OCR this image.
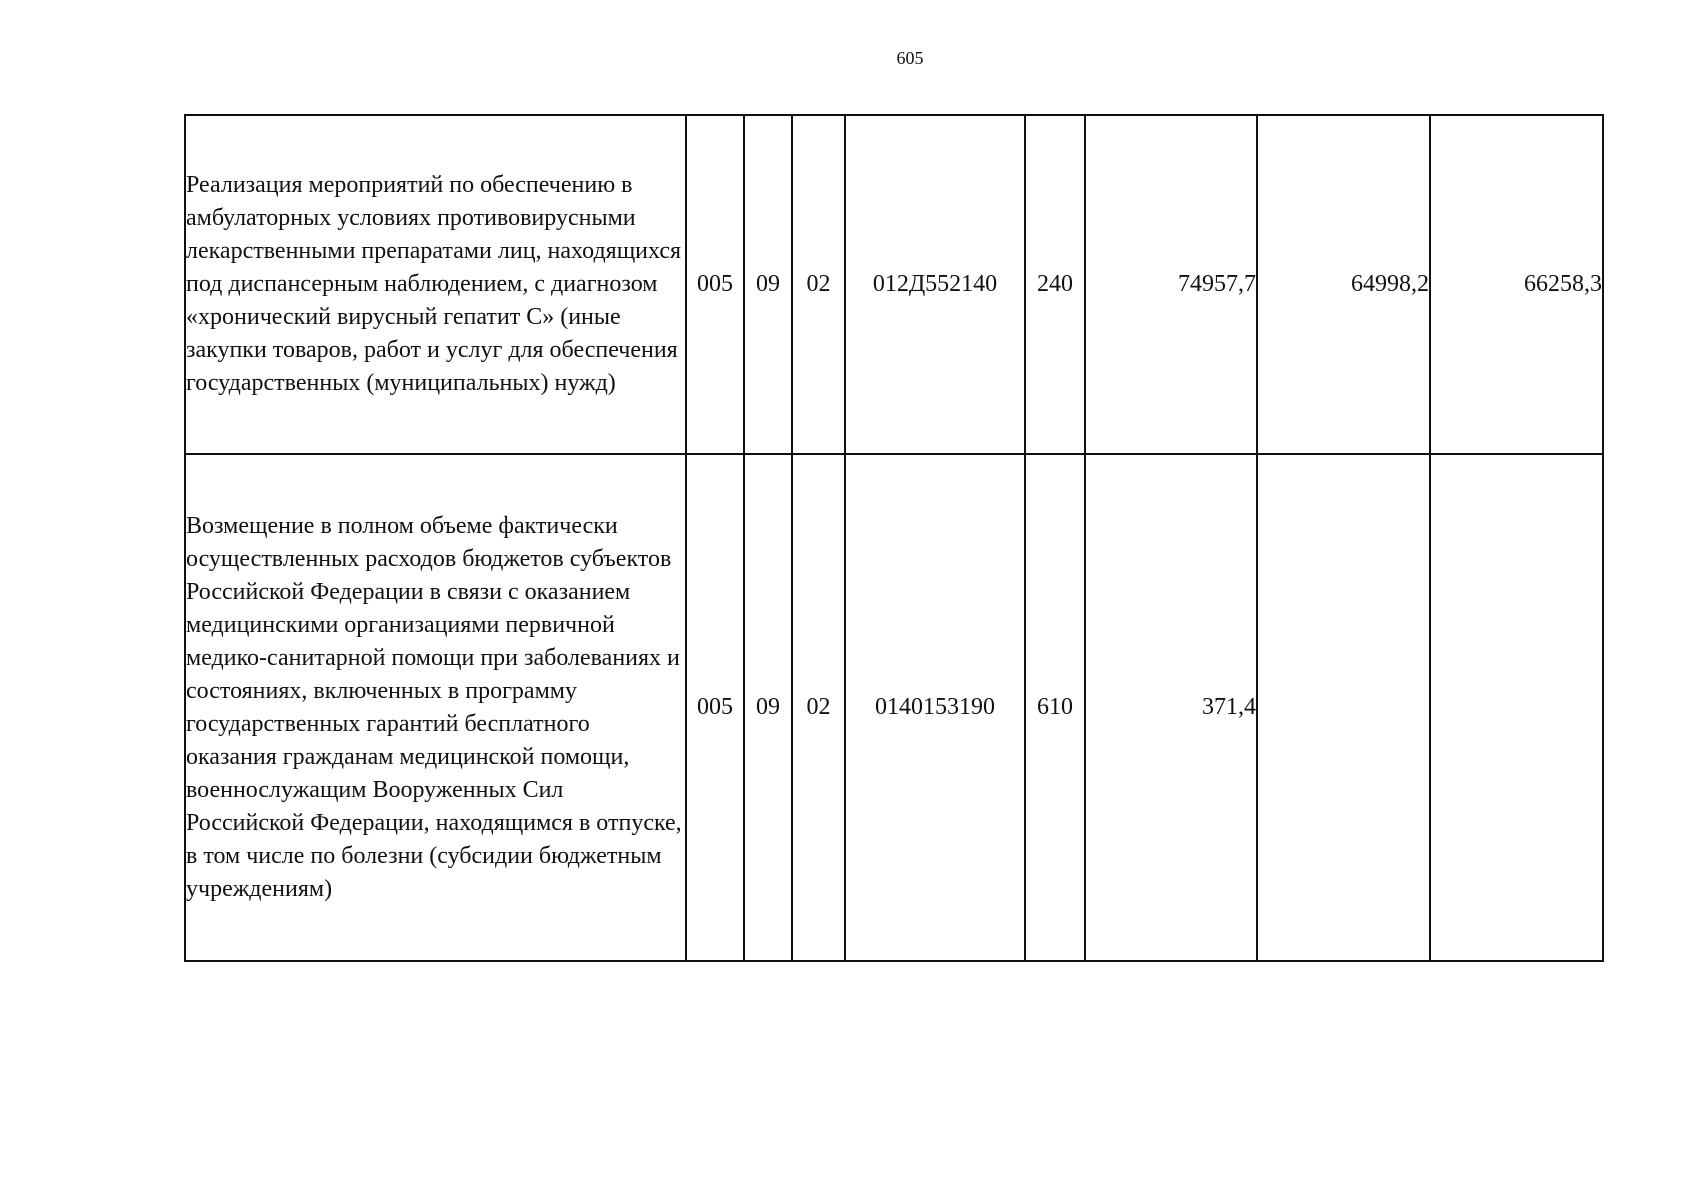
605
Реализация мероприятий по обеспечению в амбулаторных условиях противовирусными лекарственными препаратами лиц, находящихся под диспансерным наблюдением, с диагнозом «хронический вирусный гепатит С» (иные закупки товаров, работ и услуг для обеспечения государственных (муниципальных) нужд)	005	09	02	012Д552140	240	74957,7	64998,2	66258,3
Возмещение в полном объеме фактически осуществленных расходов бюджетов субъектов Российской Федерации в связи с оказанием медицинскими организациями первичной медико-санитарной помощи при заболеваниях и состояниях, включенных в программу государственных гарантий бесплатного оказания гражданам медицинской помощи, военнослужащим Вооруженных Сил Российской Федерации, находящимся в отпуске, в том числе по болезни (субсидии бюджетным учреждениям)	005	09	02	0140153190	610	371,4		
